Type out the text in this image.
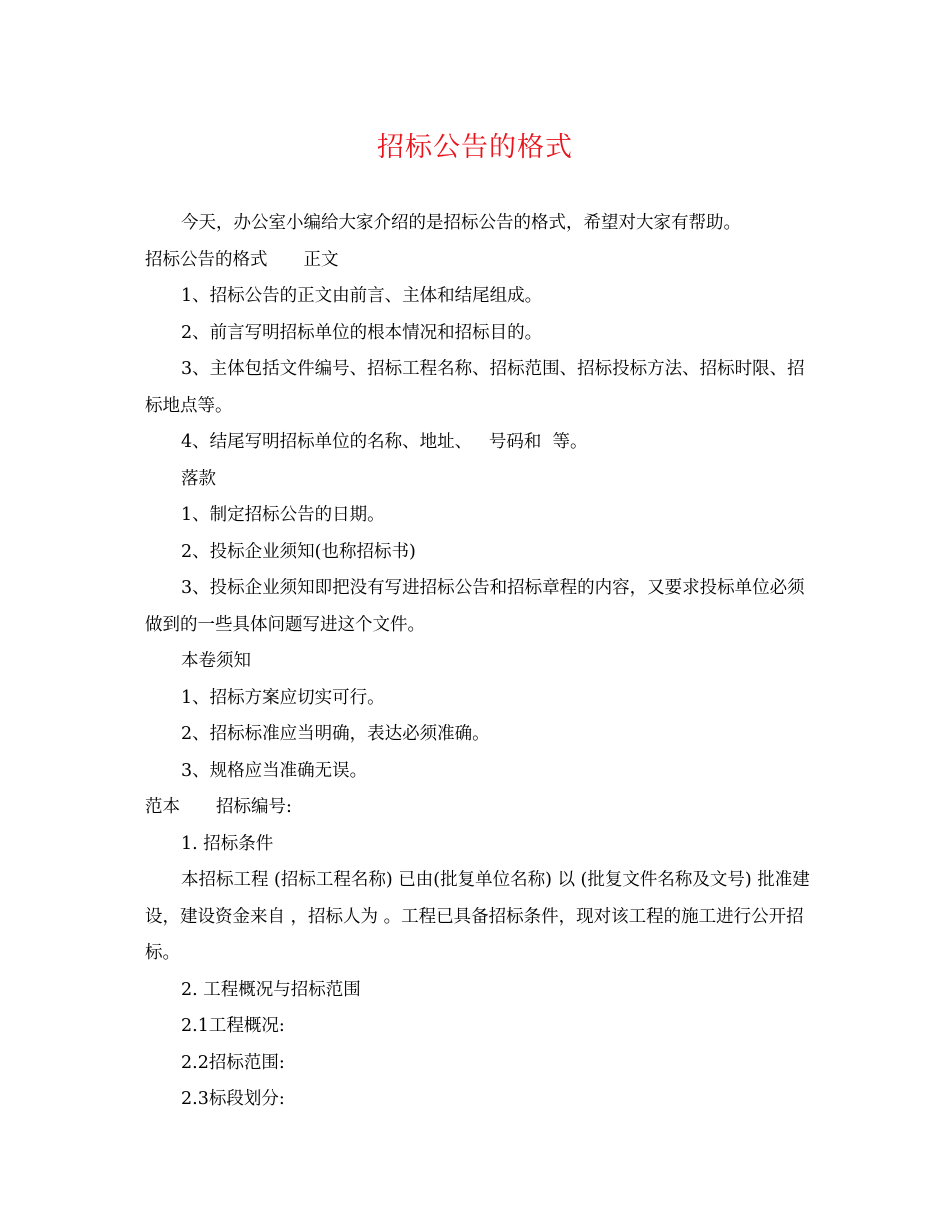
招标公告的格式

今天，办公室小编给大家介绍的是招标公告的格式，希望对大家有帮助。

招标公告的格式 正文

1、招标公告的正文由前言、主体和结尾组成。

2、前言写明招标单位的根本情况和招标目的。

3、主体包括文件编号、招标工程名称、招标范围、招标投标方法、招标时限、招标地点等。

4、结尾写明招标单位的名称、地址、   号码和  等。

落款

1、制定招标公告的日期。

2、投标企业须知(也称招标书)

3、投标企业须知即把没有写进招标公告和招标章程的内容，又要求投标单位必须做到的一些具体问题写进这个文件。

本卷须知

1、招标方案应切实可行。

2、招标标准应当明确，表达必须准确。

3、规格应当准确无误。

范本 招标编号:

1. 招标条件

本招标工程 (招标工程名称) 已由(批复单位名称) 以 (批复文件名称及文号) 批准建设，建设资金来自 ，招标人为 。工程已具备招标条件，现对该工程的施工进行公开招标。

2. 工程概况与招标范围

2.1工程概况:

2.2招标范围:

2.3标段划分:
